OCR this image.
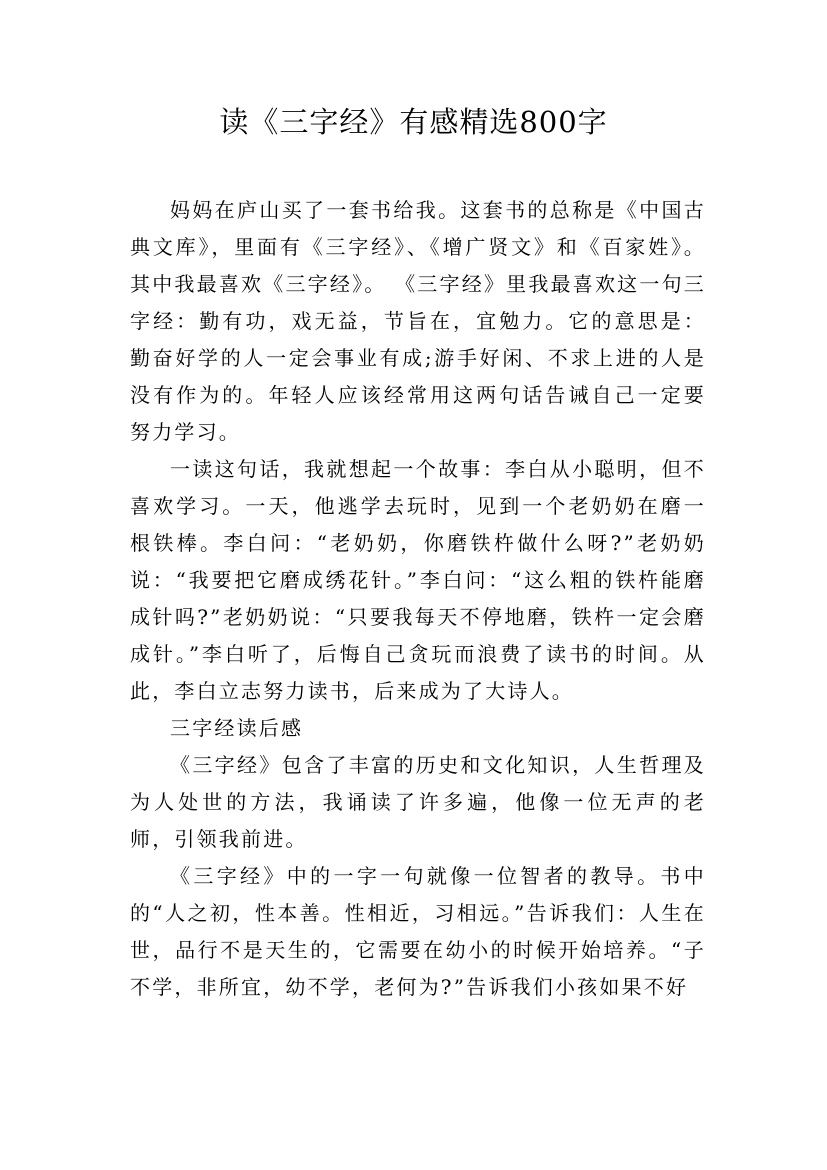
读《三字经》有感精选800字

妈妈在庐山买了一套书给我。这套书的总称是《中国古典文库》，里面有《三字经》、《增广贤文》和《百家姓》。其中我最喜欢《三字经》。 《三字经》里我最喜欢这一句三字经：勤有功，戏无益，节旨在，宜勉力。它的意思是：勤奋好学的人一定会事业有成;游手好闲、不求上进的人是没有作为的。年轻人应该经常用这两句话告诫自己一定要努力学习。

一读这句话，我就想起一个故事：李白从小聪明，但不喜欢学习。一天，他逃学去玩时，见到一个老奶奶在磨一根铁棒。李白问：“老奶奶，你磨铁杵做什么呀?”老奶奶说：“我要把它磨成绣花针。”李白问：“这么粗的铁杵能磨成针吗?”老奶奶说：“只要我每天不停地磨，铁杵一定会磨成针。”李白听了，后悔自己贪玩而浪费了读书的时间。从此，李白立志努力读书，后来成为了大诗人。

三字经读后感

《三字经》包含了丰富的历史和文化知识，人生哲理及为人处世的方法，我诵读了许多遍，他像一位无声的老师，引领我前进。

《三字经》中的一字一句就像一位智者的教导。书中的“人之初，性本善。性相近，习相远。”告诉我们：人生在世，品行不是天生的，它需要在幼小的时候开始培养。“子不学，非所宜，幼不学，老何为?”告诉我们小孩如果不好
